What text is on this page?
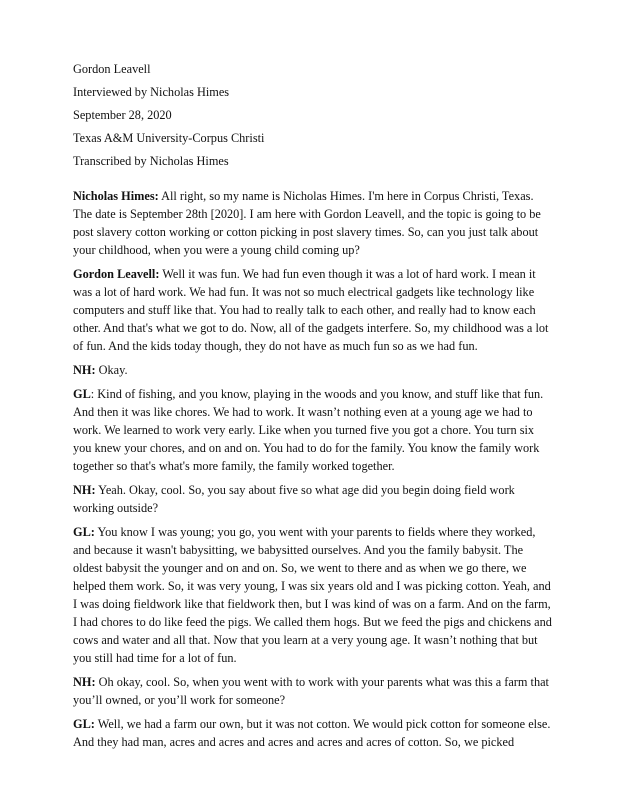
Gordon Leavell

Interviewed by Nicholas Himes

September 28, 2020

Texas A&M University-Corpus Christi

Transcribed by Nicholas Himes

Nicholas Himes: All right, so my name is Nicholas Himes. I'm here in Corpus Christi, Texas. The date is September 28th [2020]. I am here with Gordon Leavell, and the topic is going to be post slavery cotton working or cotton picking in post slavery times. So, can you just talk about your childhood, when you were a young child coming up?

Gordon Leavell: Well it was fun. We had fun even though it was a lot of hard work. I mean it was a lot of hard work. We had fun. It was not so much electrical gadgets like technology like computers and stuff like that. You had to really talk to each other, and really had to know each other. And that's what we got to do. Now, all of the gadgets interfere. So, my childhood was a lot of fun. And the kids today though, they do not have as much fun so as we had fun.

NH: Okay.

GL: Kind of fishing, and you know, playing in the woods and you know, and stuff like that fun. And then it was like chores. We had to work. It wasn’t nothing even at a young age we had to work. We learned to work very early. Like when you turned five you got a chore. You turn six you knew your chores, and on and on. You had to do for the family. You know the family work together so that's what's more family, the family worked together.

NH: Yeah. Okay, cool. So, you say about five so what age did you begin doing field work working outside?

GL: You know I was young; you go, you went with your parents to fields where they worked, and because it wasn't babysitting, we babysitted ourselves. And you the family babysit. The oldest babysit the younger and on and on. So, we went to there and as when we go there, we helped them work. So, it was very young, I was six years old and I was picking cotton. Yeah, and I was doing fieldwork like that fieldwork then, but I was kind of was on a farm. And on the farm, I had chores to do like feed the pigs. We called them hogs. But we feed the pigs and chickens and cows and water and all that. Now that you learn at a very young age. It wasn’t nothing that but you still had time for a lot of fun.

NH: Oh okay, cool. So, when you went with to work with your parents what was this a farm that you’ll owned, or you’ll work for someone?

GL: Well, we had a farm our own, but it was not cotton. We would pick cotton for someone else. And they had man, acres and acres and acres and acres and acres of cotton. So, we picked
